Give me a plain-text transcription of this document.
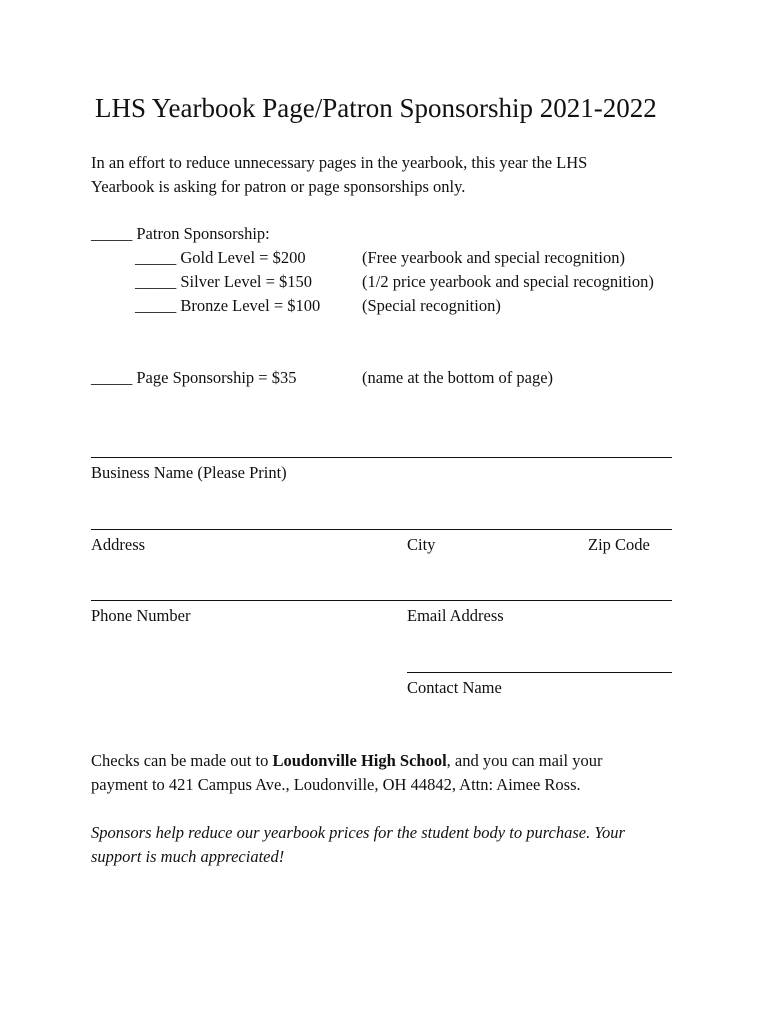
LHS Yearbook Page/Patron Sponsorship 2021-2022
In an effort to reduce unnecessary pages in the yearbook, this year the LHS
Yearbook is asking for patron or page sponsorships only.
_____ Patron Sponsorship:
_____ Gold Level = $200	(Free yearbook and special recognition)
_____ Silver Level = $150	(1/2 price yearbook and special recognition)
_____ Bronze Level = $100	(Special recognition)
_____ Page Sponsorship = $35	(name at the bottom of page)
Business Name (Please Print)
Address	City	Zip Code
Phone Number	Email Address
Contact Name
Checks can be made out to Loudonville High School, and you can mail your
payment to 421 Campus Ave., Loudonville, OH 44842, Attn: Aimee Ross.
Sponsors help reduce our yearbook prices for the student body to purchase. Your
support is much appreciated!
